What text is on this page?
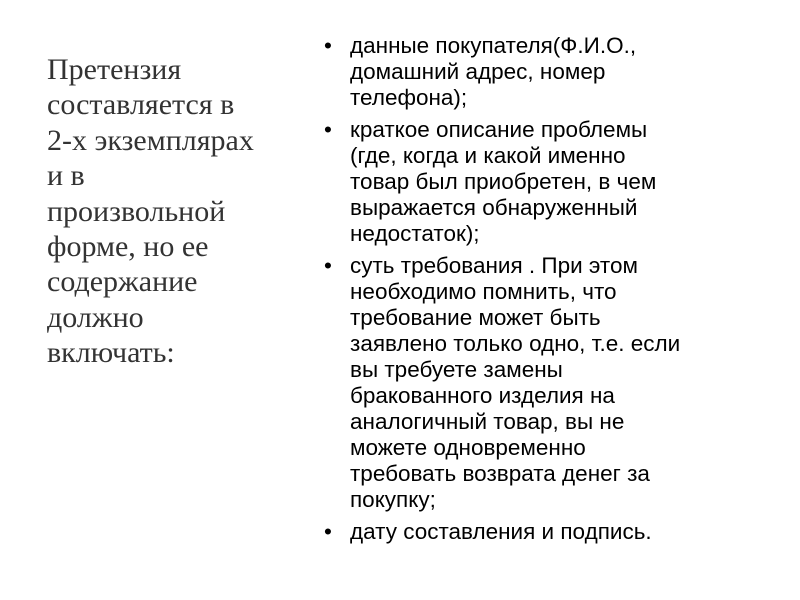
Претензия
составляется в
2-х экземплярах
и в
произвольной
форме, но ее
содержание
должно
включать:

• данные покупателя(Ф.И.О.,
домашний адрес, номер
телефона);
• краткое описание проблемы
(где, когда и какой именно
товар был приобретен, в чем
выражается обнаруженный
недостаток);
• суть требования . При этом
необходимо помнить, что
требование может быть
заявлено только одно, т.е. если
вы требуете замены
бракованного изделия на
аналогичный товар, вы не
можете одновременно
требовать возврата денег за
покупку;
• дату составления и подпись.
